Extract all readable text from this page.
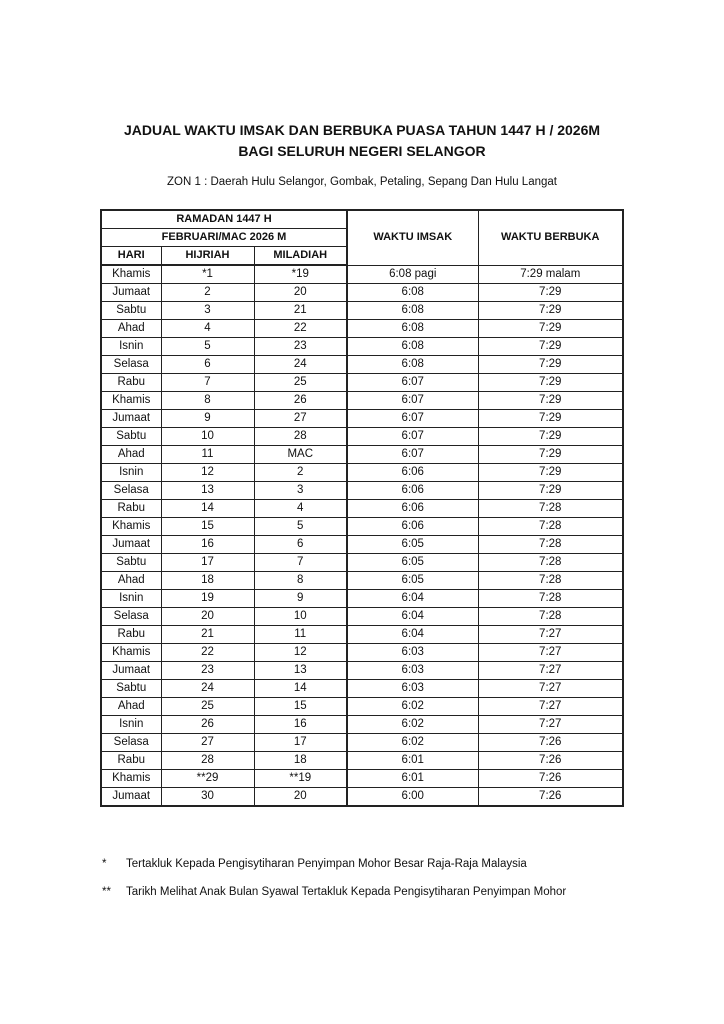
JADUAL WAKTU IMSAK DAN BERBUKA PUASA TAHUN 1447 H / 2026M
BAGI SELURUH NEGERI SELANGOR
ZON 1 : Daerah Hulu Selangor, Gombak, Petaling, Sepang Dan Hulu Langat
RAMADAN 1447 H			WAKTU IMSAK	WAKTU BERBUKA
FEBRUARI/MAC 2026 M				
HARI	HIJRIAH	MILADIAH		
Khamis	*1	*19	6:08 pagi	7:29 malam
Jumaat	2	20	6:08	7:29
Sabtu	3	21	6:08	7:29
Ahad	4	22	6:08	7:29
Isnin	5	23	6:08	7:29
Selasa	6	24	6:08	7:29
Rabu	7	25	6:07	7:29
Khamis	8	26	6:07	7:29
Jumaat	9	27	6:07	7:29
Sabtu	10	28	6:07	7:29
Ahad	11	MAC	6:07	7:29
Isnin	12	2	6:06	7:29
Selasa	13	3	6:06	7:29
Rabu	14	4	6:06	7:28
Khamis	15	5	6:06	7:28
Jumaat	16	6	6:05	7:28
Sabtu	17	7	6:05	7:28
Ahad	18	8	6:05	7:28
Isnin	19	9	6:04	7:28
Selasa	20	10	6:04	7:28
Rabu	21	11	6:04	7:27
Khamis	22	12	6:03	7:27
Jumaat	23	13	6:03	7:27
Sabtu	24	14	6:03	7:27
Ahad	25	15	6:02	7:27
Isnin	26	16	6:02	7:27
Selasa	27	17	6:02	7:26
Rabu	28	18	6:01	7:26
Khamis	**29	**19	6:01	7:26
Jumaat	30	20	6:00	7:26
*	Tertakluk Kepada Pengisytiharan Penyimpan Mohor Besar Raja-Raja Malaysia
**	Tarikh Melihat Anak Bulan Syawal Tertakluk Kepada Pengisytiharan Penyimpan Mohor
